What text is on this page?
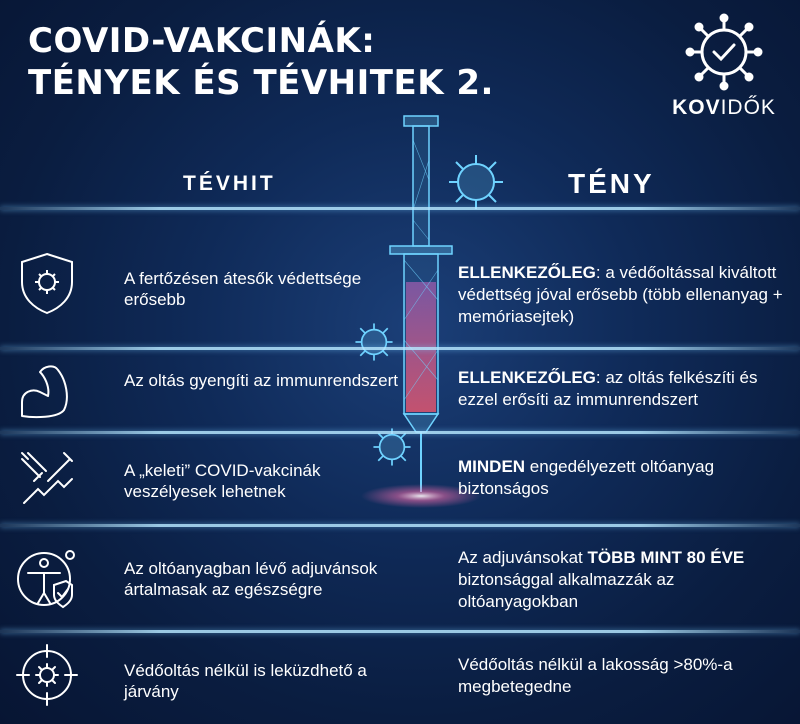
COVID-VAKCINÁK:
TÉNYEK ÉS TÉVHITEK 2.
KOVIDŐK
TÉVHIT	TÉNY
A fertőzésen átesők védettsége erősebb
ELLENKEZŐLEG: a védőoltással kiváltott védettség jóval erősebb (több ellenanyag + memóriasejtek)
Az oltás gyengíti az immunrendszert	ELLENKEZŐLEG: az oltás felkészíti és ezzel erősíti az immunrendszert
A „keleti” COVID-vakcinák veszélyesek lehetnek
MINDEN engedélyezett oltóanyag biztonságos
Az oltóanyagban lévő adjuvánsok ártalmasak az egészségre
Az adjuvánsokat TÖBB MINT 80 ÉVE biztonsággal alkalmazzák az oltóanyagokban
Védőoltás nélkül is leküzdhető a járvány
Védőoltás nélkül a lakosság >80%-a megbetegedne
